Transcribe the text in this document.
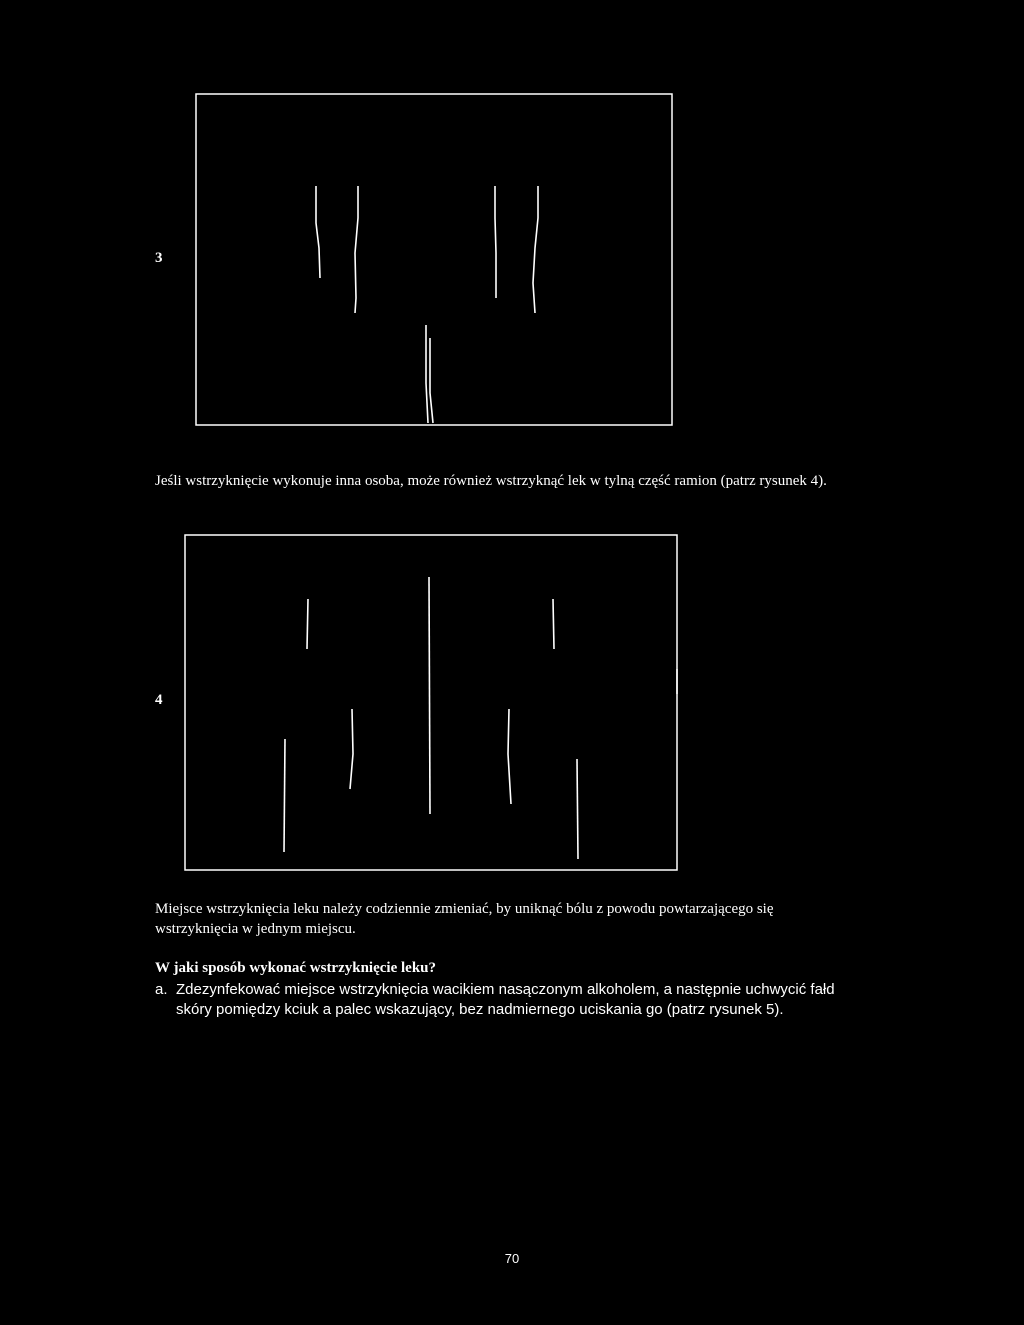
3
Jeśli wstrzyknięcie wykonuje inna osoba, może również wstrzyknąć lek w tylną część ramion (patrz rysunek 4).
4
Miejsce wstrzyknięcia leku należy codziennie zmieniać, by uniknąć bólu z powodu powtarzającego się wstrzyknięcia w jednym miejscu.
W jaki sposób wykonać wstrzyknięcie leku?
a. Zdezynfekować miejsce wstrzyknięcia wacikiem nasączonym alkoholem, a następnie uchwycić fałd skóry pomiędzy kciuk a palec wskazujący, bez nadmiernego uciskania go (patrz rysunek 5).
70
